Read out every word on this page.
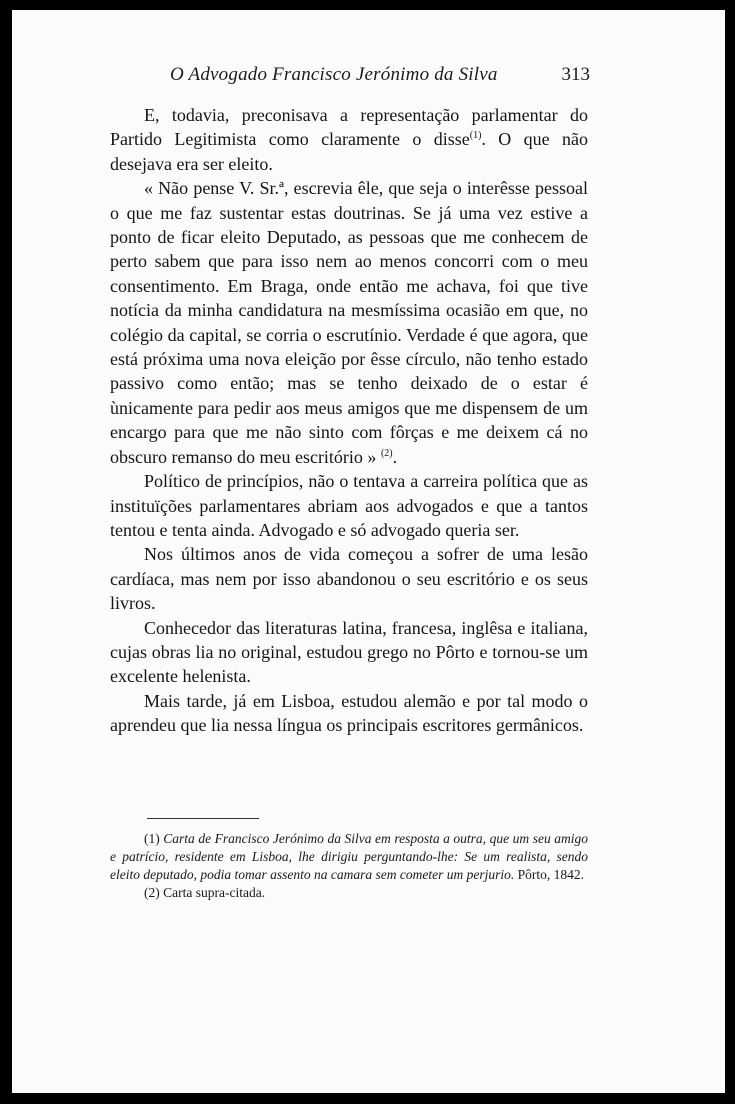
O Advogado Francisco Jerónimo da Silva	313

E, todavia, preconisava a representação parlamentar do Partido Legitimista como claramente o disse$^{(1)}$. O que não desejava era ser eleito.

« Não pense V. Sr.ª, escrevia êle, que seja o interêsse pessoal o que me faz sustentar estas doutrinas. Se já uma vez estive a ponto de ficar eleito Deputado, as pessoas que me conhecem de perto sabem que para isso nem ao menos concorri com o meu consentimento. Em Braga, onde então me achava, foi que tive notícia da minha candidatura na mesmíssima ocasião em que, no colégio da capital, se corria o escrutínio. Verdade é que agora, que está próxima uma nova eleição por êsse círculo, não tenho estado passivo como então; mas se tenho deixado de o estar é ùnicamente para pedir aos meus amigos que me dispensem de um encargo para que me não sinto com fôrças e me deixem cá no obscuro remanso do meu escritório » $^{(2)}$.

Político de princípios, não o tentava a carreira política que as instituïções parlamentares abriam aos advogados e que a tantos tentou e tenta ainda. Advogado e só advogado queria ser.

Nos últimos anos de vida começou a sofrer de uma lesão cardíaca, mas nem por isso abandonou o seu escritório e os seus livros.

Conhecedor das literaturas latina, francesa, inglêsa e italiana, cujas obras lia no original, estudou grego no Pôrto e tornou-se um excelente helenista.

Mais tarde, já em Lisboa, estudou alemão e por tal modo o aprendeu que lia nessa língua os principais escritores germânicos.

(1) Carta de Francisco Jerónimo da Silva em resposta a outra, que um seu amigo e patrício, residente em Lisboa, lhe dirigiu perguntando-lhe: Se um realista, sendo eleito deputado, podia tomar assento na camara sem cometer um perjurio. Pôrto, 1842.

(2) Carta supra-citada.
